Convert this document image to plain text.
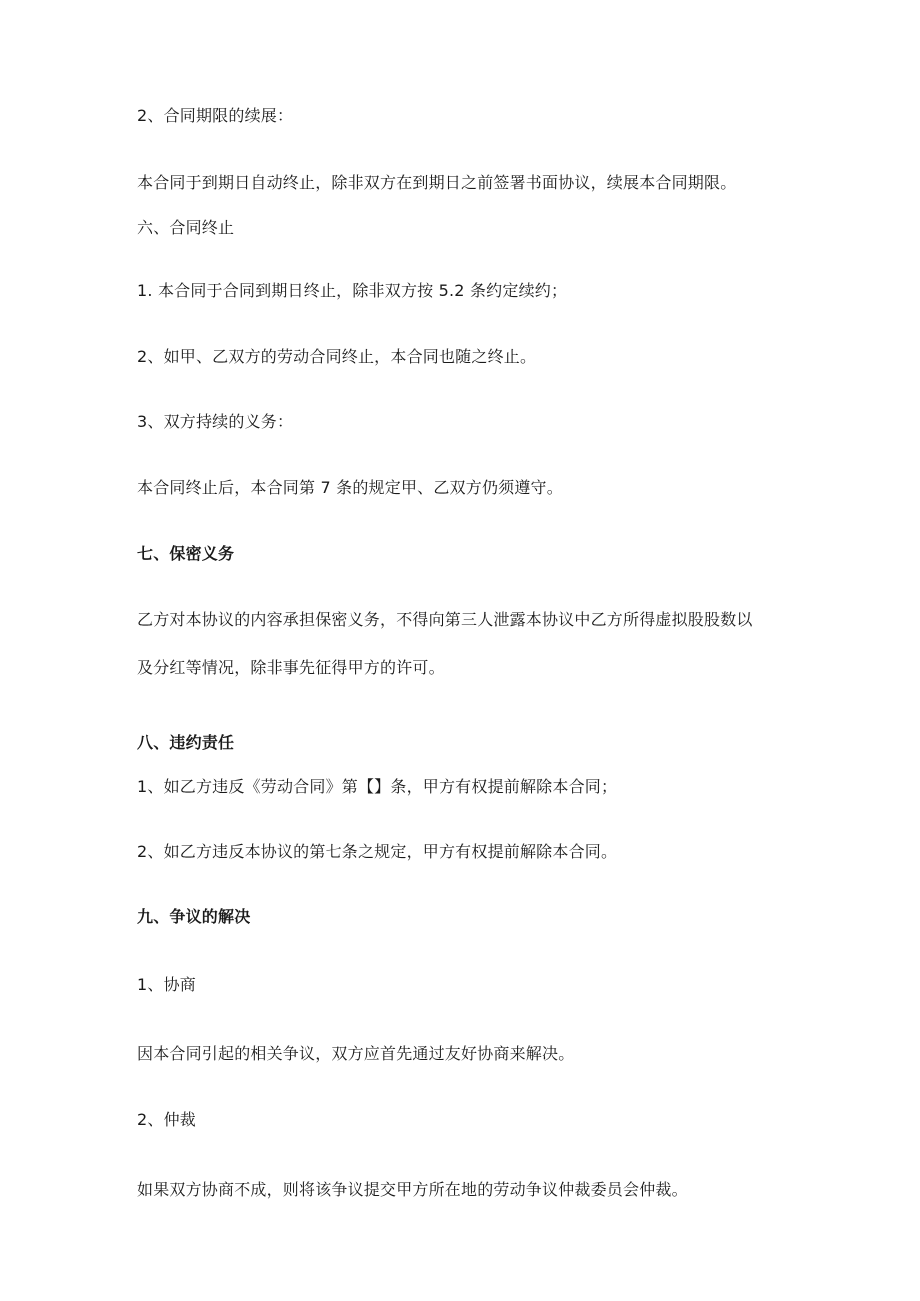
2、合同期限的续展：
本合同于到期日自动终止，除非双方在到期日之前签署书面协议，续展本合同期限。
六、合同终止
1. 本合同于合同到期日终止，除非双方按 5.2 条约定续约；
2、如甲、乙双方的劳动合同终止，本合同也随之终止。
3、双方持续的义务：
本合同终止后，本合同第 7 条的规定甲、乙双方仍须遵守。
七、保密义务
乙方对本协议的内容承担保密义务，不得向第三人泄露本协议中乙方所得虚拟股股数以
及分红等情况，除非事先征得甲方的许可。
八、违约责任
1、如乙方违反《劳动合同》第【】条，甲方有权提前解除本合同；
2、如乙方违反本协议的第七条之规定，甲方有权提前解除本合同。
九、争议的解决
1、协商
因本合同引起的相关争议，双方应首先通过友好协商来解决。
2、仲裁
如果双方协商不成，则将该争议提交甲方所在地的劳动争议仲裁委员会仲裁。
